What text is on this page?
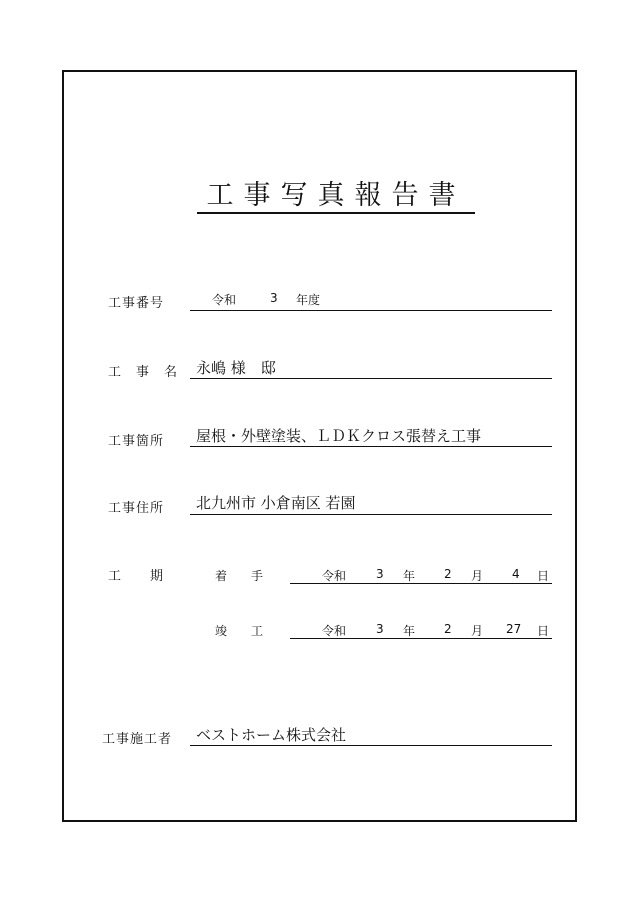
工事写真報告書
工事番号	令和	3 年度
工　事　名 永嶋 様　邸
工事箇所 屋根・外壁塗装、ＬＤＫクロス張替え工事
工事住所 北九州市 小倉南区 若園
工　　期	着　　手	令和 3 年 2 月 4 日
竣　　工	令和 3 年 2 月 27 日
工事施工者 ベストホーム株式会社
